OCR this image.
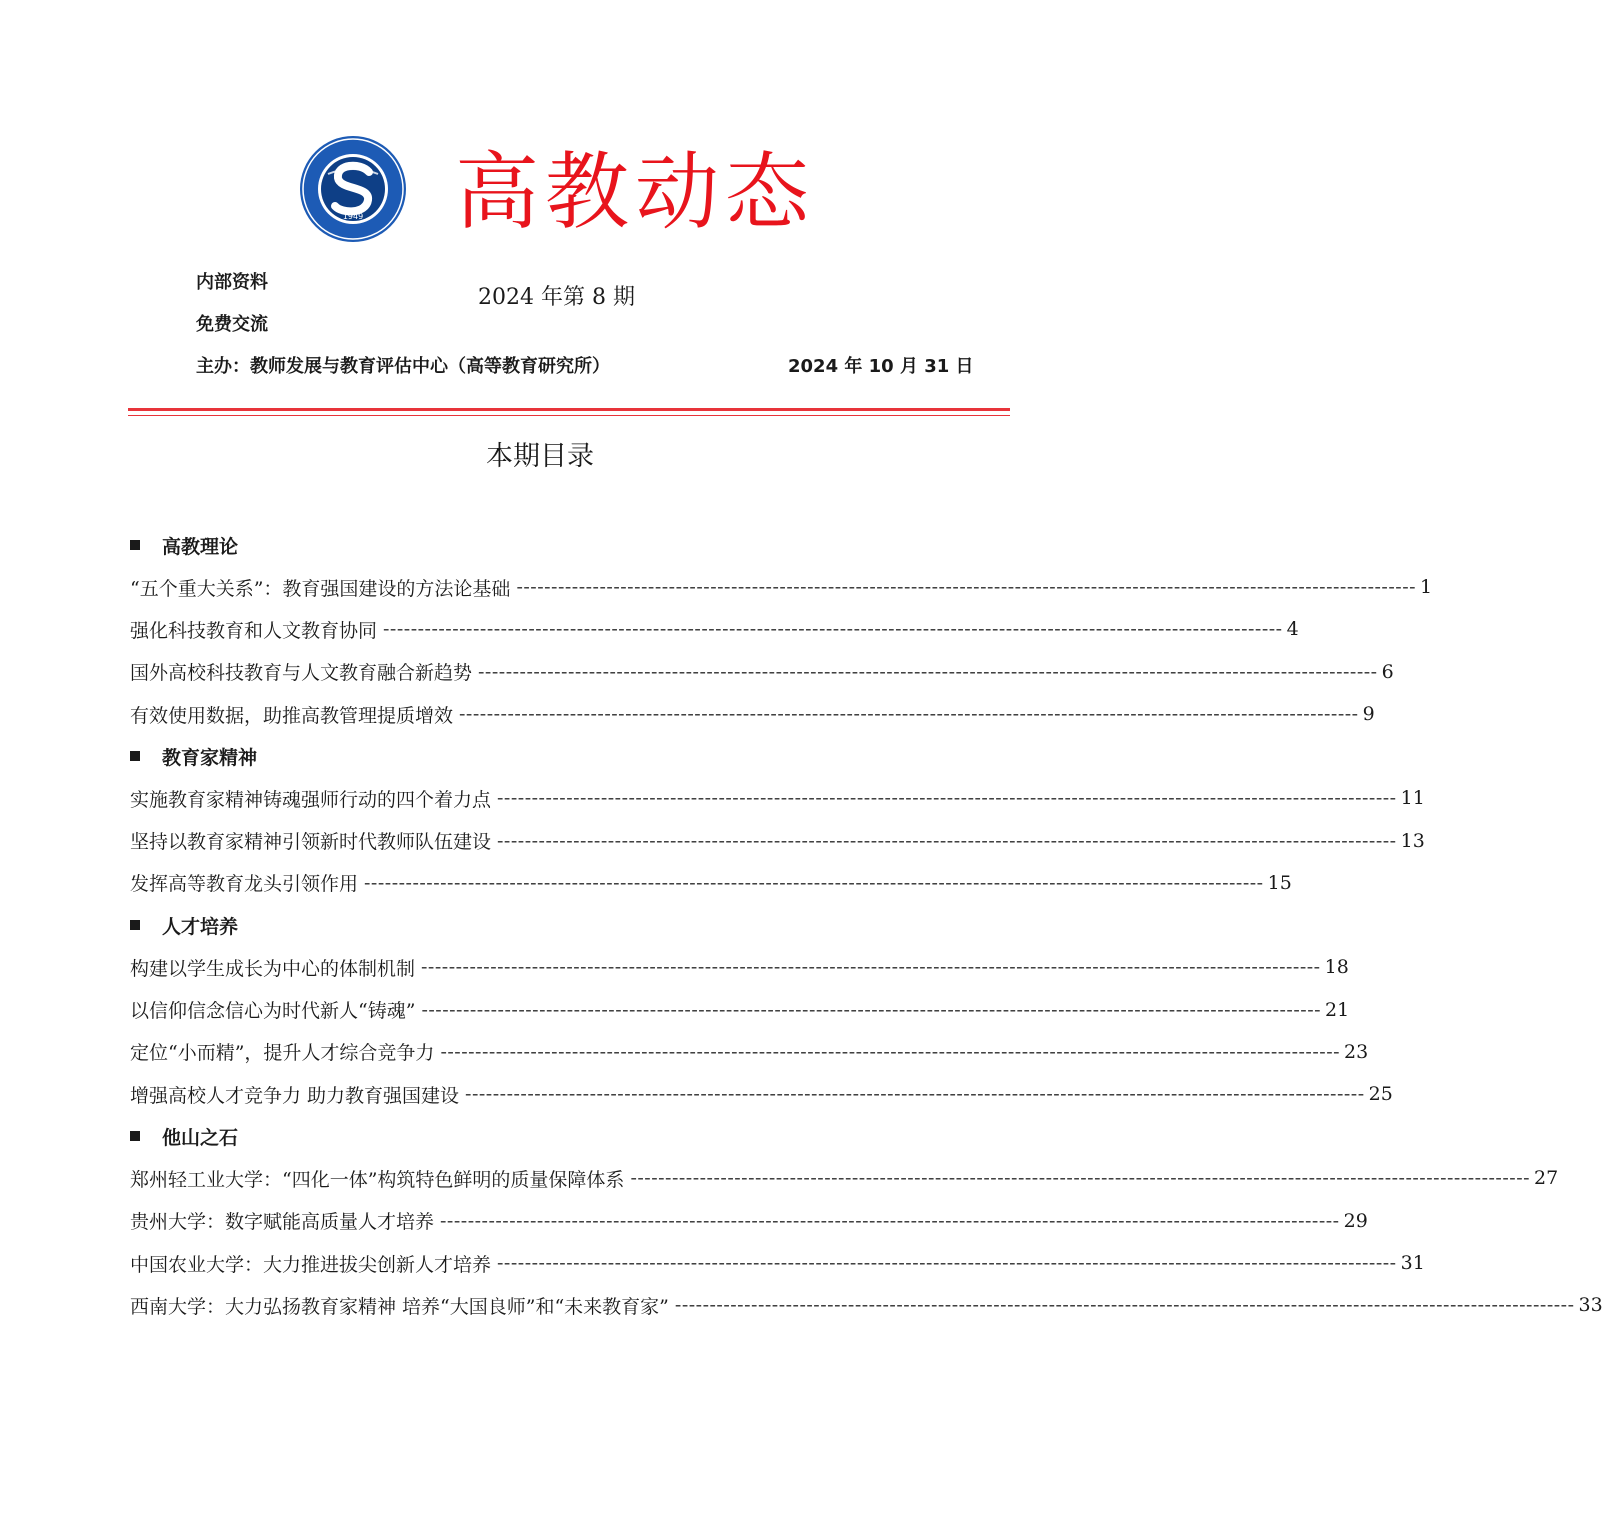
1949 高教动态
内部资料
免费交流
2024 年第 8 期
主办：教师发展与教育评估中心（高等教育研究所）	2024 年 10 月 31 日
本期目录
高教理论
“五个重大关系”：教育强国建设的方法论基础 ---------------------------------------------------------------------------------------------------------------------------------- 1
强化科技教育和人文教育协同 ---------------------------------------------------------------------------------------------------------------------------------- 4
国外高校科技教育与人文教育融合新趋势 ---------------------------------------------------------------------------------------------------------------------------------- 6
有效使用数据，助推高教管理提质增效 ---------------------------------------------------------------------------------------------------------------------------------- 9
教育家精神
实施教育家精神铸魂强师行动的四个着力点 ---------------------------------------------------------------------------------------------------------------------------------- 11
坚持以教育家精神引领新时代教师队伍建设 ---------------------------------------------------------------------------------------------------------------------------------- 13
发挥高等教育龙头引领作用 ---------------------------------------------------------------------------------------------------------------------------------- 15
人才培养
构建以学生成长为中心的体制机制 ---------------------------------------------------------------------------------------------------------------------------------- 18
以信仰信念信心为时代新人“铸魂” ---------------------------------------------------------------------------------------------------------------------------------- 21
定位“小而精”，提升人才综合竞争力 ---------------------------------------------------------------------------------------------------------------------------------- 23
增强高校人才竞争力 助力教育强国建设 ---------------------------------------------------------------------------------------------------------------------------------- 25
他山之石
郑州轻工业大学：“四化一体”构筑特色鲜明的质量保障体系 ---------------------------------------------------------------------------------------------------------------------------------- 27
贵州大学：数字赋能高质量人才培养 ---------------------------------------------------------------------------------------------------------------------------------- 29
中国农业大学：大力推进拔尖创新人才培养 ---------------------------------------------------------------------------------------------------------------------------------- 31
西南大学：大力弘扬教育家精神 培养“大国良师”和“未来教育家” ---------------------------------------------------------------------------------------------------------------------------------- 33
